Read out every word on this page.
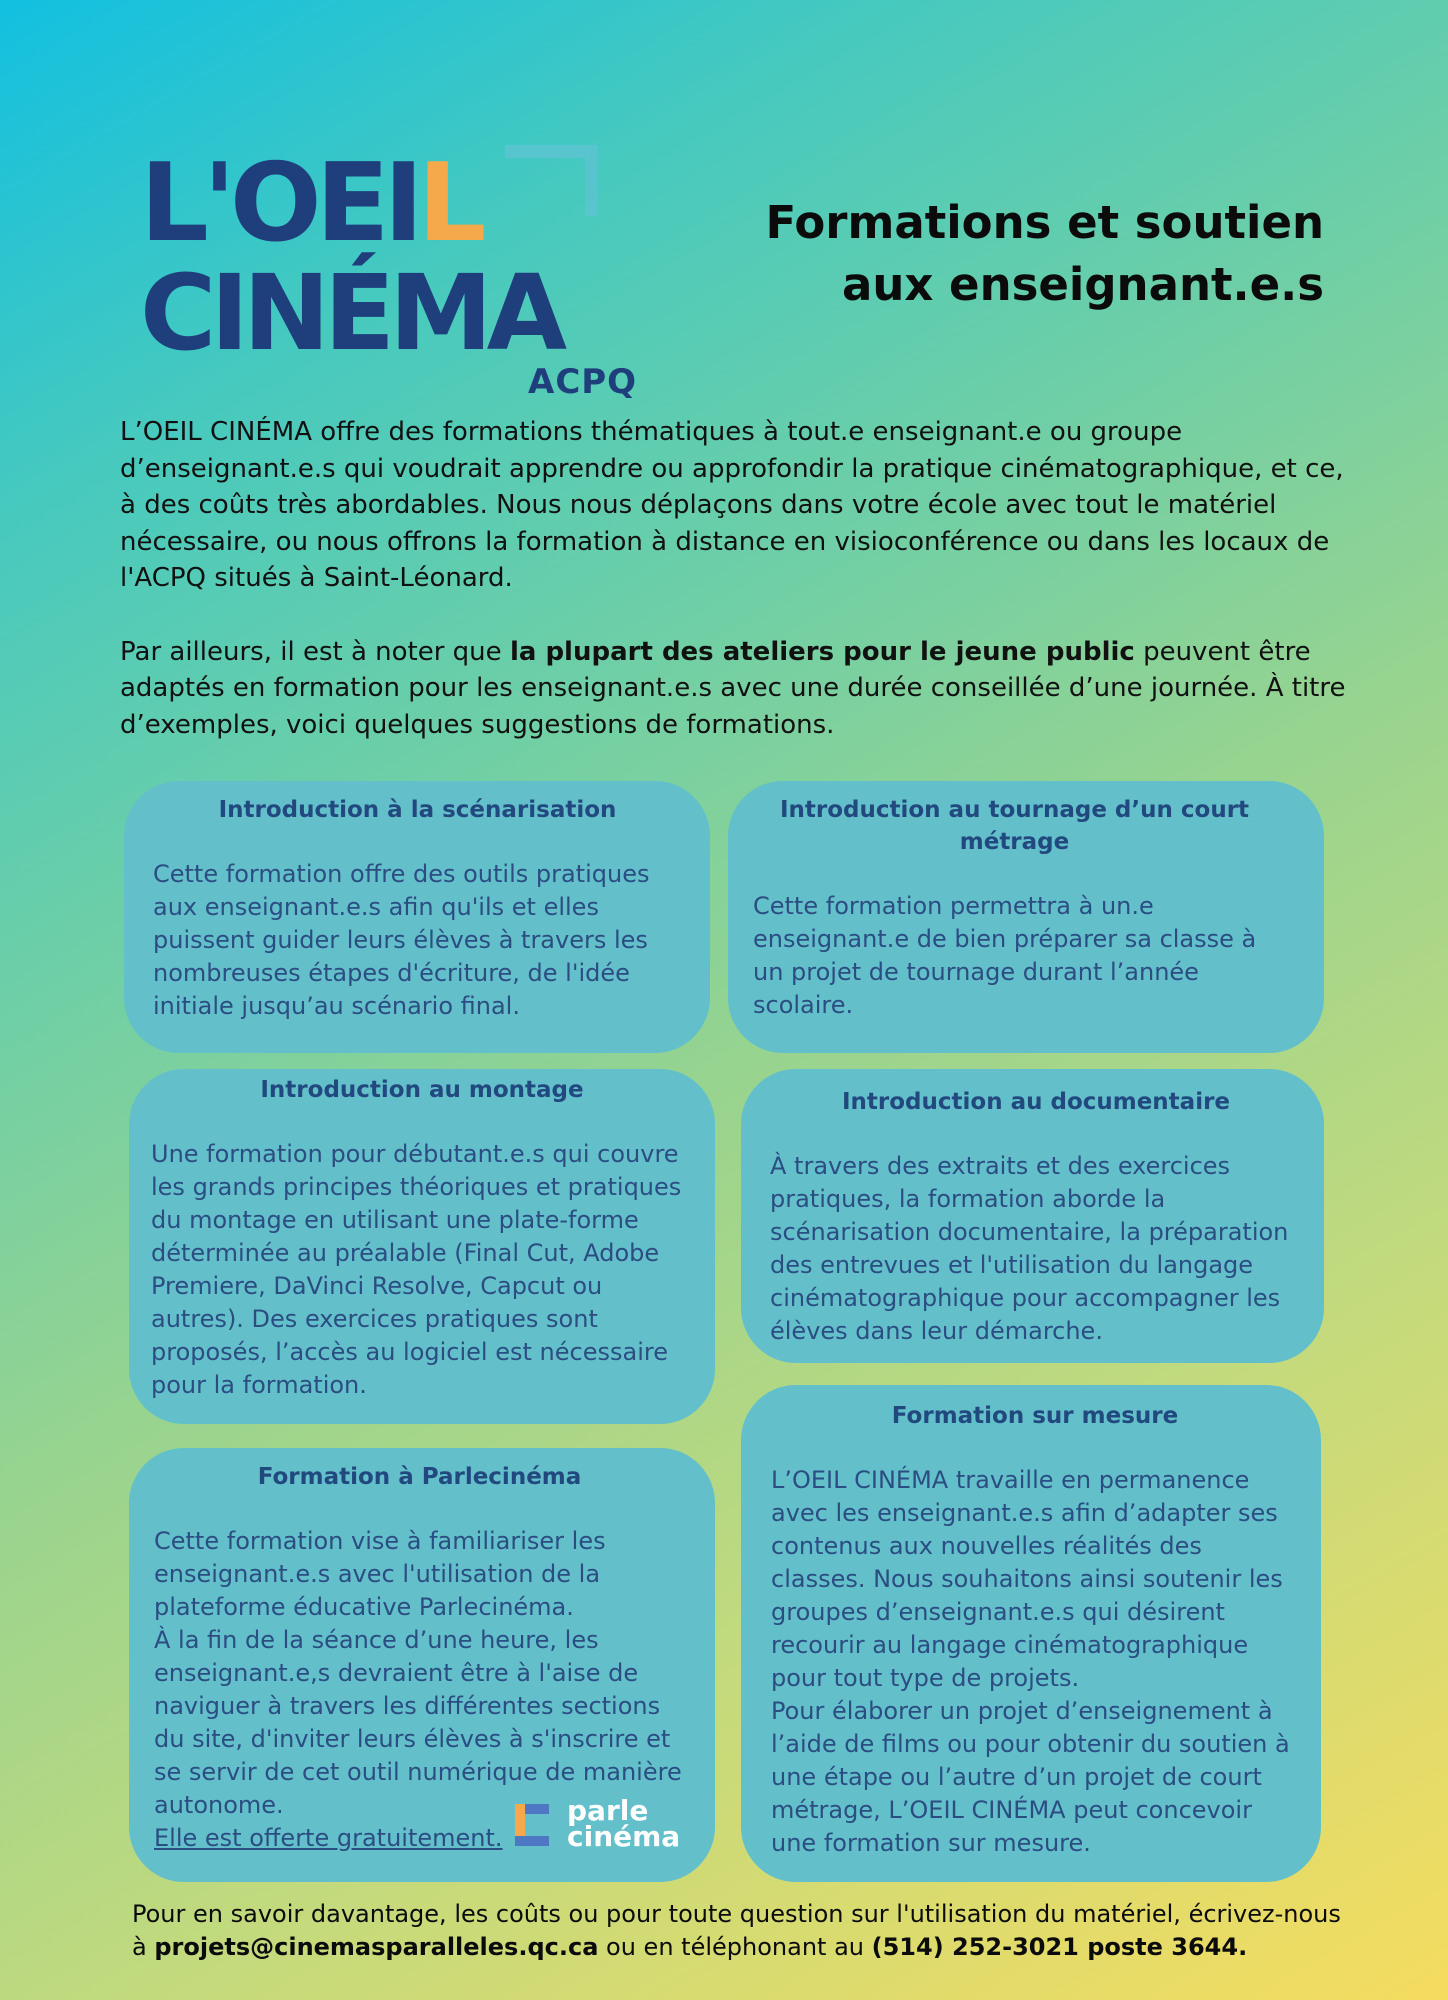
L'OEIL
CINÉMA
ACPQ
Formations et soutien
aux enseignant.e.s

L’OEIL CINÉMA offre des formations thématiques à tout.e enseignant.e ou groupe d’enseignant.e.s qui voudrait apprendre ou approfondir la pratique cinématographique, et ce, à des coûts très abordables. Nous nous déplaçons dans votre école avec tout le matériel nécessaire, ou nous offrons la formation à distance en visioconférence ou dans les locaux de l'ACPQ situés à Saint-Léonard.

Par ailleurs, il est à noter que la plupart des ateliers pour le jeune public peuvent être adaptés en formation pour les enseignant.e.s avec une durée conseillée d’une journée. À titre d’exemples, voici quelques suggestions de formations.

Introduction à la scénarisation

Cette formation offre des outils pratiques aux enseignant.e.s afin qu'ils et elles puissent guider leurs élèves à travers les nombreuses étapes d'écriture, de l'idée initiale jusqu’au scénario final.

Introduction au tournage d’un court métrage

Cette formation permettra à un.e enseignant.e de bien préparer sa classe à un projet de tournage durant l’année scolaire.

Introduction au montage

Une formation pour débutant.e.s qui couvre les grands principes théoriques et pratiques du montage en utilisant une plate-forme déterminée au préalable (Final Cut, Adobe Premiere, DaVinci Resolve, Capcut ou autres). Des exercices pratiques sont proposés, l’accès au logiciel est nécessaire pour la formation.

Introduction au documentaire

À travers des extraits et des exercices pratiques, la formation aborde la scénarisation documentaire, la préparation des entrevues et l'utilisation du langage cinématographique pour accompagner les élèves dans leur démarche.

Formation à Parlecinéma

Cette formation vise à familiariser les enseignant.e.s avec l'utilisation de la plateforme éducative Parlecinéma.

À la fin de la séance d’une heure, les enseignant.e,s devraient être à l'aise de naviguer à travers les différentes sections du site, d'inviter leurs élèves à s'inscrire et se servir de cet outil numérique de manière autonome.

Elle est offerte gratuitement.

parle
cinéma
Formation sur mesure

L’OEIL CINÉMA travaille en permanence avec les enseignant.e.s afin d’adapter ses contenus aux nouvelles réalités des classes. Nous souhaitons ainsi soutenir les groupes d’enseignant.e.s qui désirent recourir au langage cinématographique pour tout type de projets.

Pour élaborer un projet d’enseignement à l’aide de films ou pour obtenir du soutien à une étape ou l’autre d’un projet de court métrage, L’OEIL CINÉMA peut concevoir une formation sur mesure.

Pour en savoir davantage, les coûts ou pour toute question sur l'utilisation du matériel, écrivez-nous à projets@cinemasparalleles.qc.ca ou en téléphonant au (514) 252-3021 poste 3644.
